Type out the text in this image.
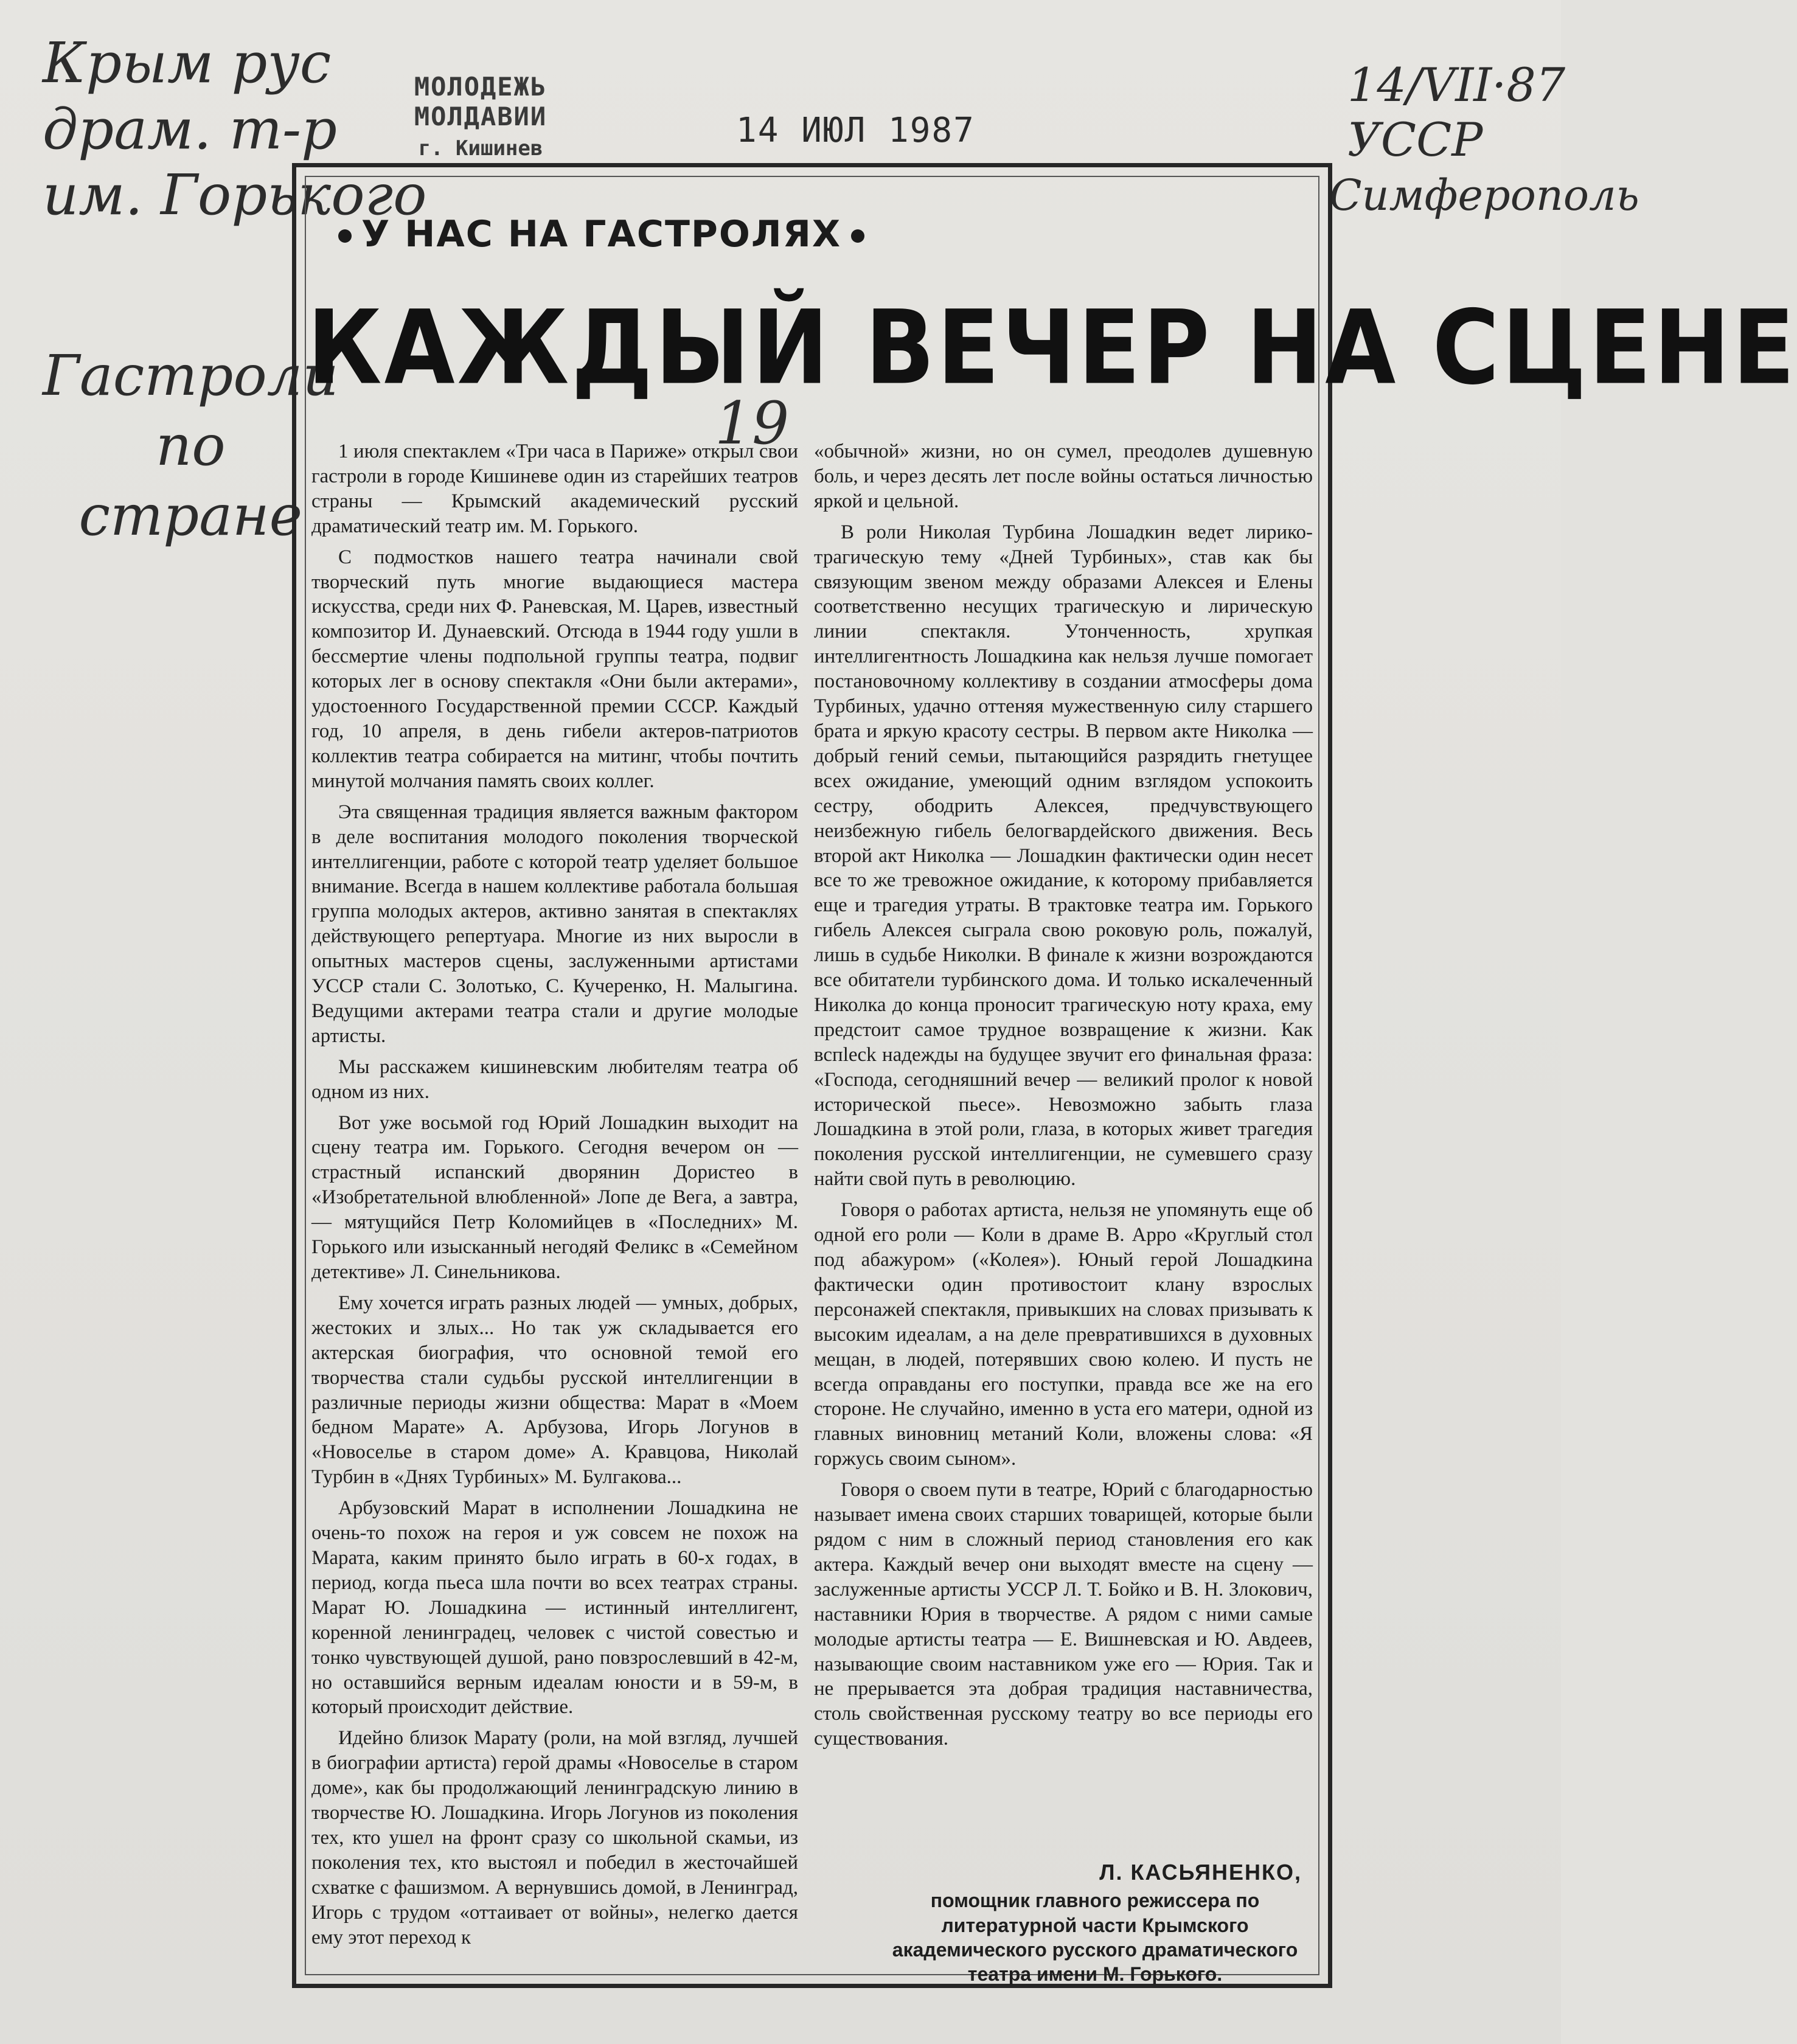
Крым рус
драм. т-р
им. Горького
Гастроли
по
стране
14/VII·87
УССР
Симферополь
19
МОЛОДЕЖЬ МОЛДАВИИ
г. Кишинев	14 ИЮЛ 1987
У НАС НА ГАСТРОЛЯХ
КАЖДЫЙ ВЕЧЕР НА СЦЕНЕ

1 июля спектаклем «Три часа в Париже» открыл свои гастроли в городе Кишиневе один из старейших театров страны — Крымский академический русский драматический театр им. М. Горького.

С подмостков нашего театра начинали свой творческий путь многие выдающиеся мастера искусства, среди них Ф. Раневская, М. Царев, известный композитор И. Дунаевский. Отсюда в 1944 году ушли в бессмертие члены подпольной группы театра, подвиг которых лег в основу спектакля «Они были актерами», удостоенного Государственной премии СССР. Каждый год, 10 апреля, в день гибели актеров-патриотов коллектив театра собирается на митинг, чтобы почтить минутой молчания память своих коллег.

Эта священная традиция является важным фактором в деле воспитания молодого поколения творческой интеллигенции, работе с которой театр уделяет большое внимание. Всегда в нашем коллективе работала большая группа молодых актеров, активно занятая в спектаклях действующего репертуара. Многие из них выросли в опытных мастеров сцены, заслуженными артистами УССР стали С. Золотько, С. Кучеренко, Н. Малыгина. Ведущими актерами театра стали и другие молодые артисты.

Мы расскажем кишиневским любителям театра об одном из них.

Вот уже восьмой год Юрий Лошадкин выходит на сцену театра им. Горького. Сегодня вечером он — страстный испанский дворянин Дористео в «Изобретательной влюбленной» Лопе де Вега, а завтра, — мятущийся Петр Коломийцев в «Последних» М. Горького или изысканный негодяй Феликс в «Семейном детективе» Л. Синельникова.

Ему хочется играть разных людей — умных, добрых, жестоких и злых... Но так уж складывается его актерская биография, что основной темой его творчества стали судьбы русской интеллигенции в различные периоды жизни общества: Марат в «Моем бедном Марате» А. Арбузова, Игорь Логунов в «Новоселье в старом доме» А. Кравцова, Николай Турбин в «Днях Турбиных» М. Булгакова...

Арбузовский Марат в исполнении Лошадкина не очень-то похож на героя и уж совсем не похож на Марата, каким принято было играть в 60-х годах, в период, когда пьеса шла почти во всех театрах страны. Марат Ю. Лошадкина — истинный интеллигент, коренной ленинградец, человек с чистой совестью и тонко чувствующей душой, рано повзрослевший в 42-м, но оставшийся верным идеалам юности и в 59-м, в который происходит действие.

Идейно близок Марату (роли, на мой взгляд, лучшей в биографии артиста) герой драмы «Новоселье в старом доме», как бы продолжающий ленинградскую линию в творчестве Ю. Лошадкина. Игорь Логунов из поколения тех, кто ушел на фронт сразу со школьной скамьи, из поколения тех, кто выстоял и победил в жесточайшей схватке с фашизмом. А вернувшись домой, в Ленинград, Игорь с трудом «оттаивает от войны», нелегко дается ему этот переход к

«обычной» жизни, но он сумел, преодолев душевную боль, и через десять лет после войны остаться личностью яркой и цельной.

В роли Николая Турбина Лошадкин ведет лирико-трагическую тему «Дней Турбиных», став как бы связующим звеном между образами Алексея и Елены соответственно несущих трагическую и лирическую линии спектакля. Утонченность, хрупкая интеллигентность Лошадкина как нельзя лучше помогает постановочному коллективу в создании атмосферы дома Турбиных, удачно оттеняя мужественную силу старшего брата и яркую красоту сестры. В первом акте Николка — добрый гений семьи, пытающийся разрядить гнетущее всех ожидание, умеющий одним взглядом успокоить сестру, ободрить Алексея, предчувствующего неизбежную гибель белогвардейского движения. Весь второй акт Николка — Лошадкин фактически один несет все то же тревожное ожидание, к которому прибавляется еще и трагедия утраты. В трактовке театра им. Горького гибель Алексея сыграла свою роковую роль, пожалуй, лишь в судьбе Николки. В финале к жизни возрождаются все обитатели турбинского дома. И только искалеченный Николка до конца проносит трагическую ноту краха, ему предстоит самое трудное возвращение к жизни. Как вспleck надежды на будущее звучит его финальная фраза: «Господа, сегодняшний вечер — великий пролог к новой исторической пьесе». Невозможно забыть глаза Лошадкина в этой роли, глаза, в которых живет трагедия поколения русской интеллигенции, не сумевшего сразу найти свой путь в революцию.

Говоря о работах артиста, нельзя не упомянуть еще об одной его роли — Коли в драме В. Арро «Круглый стол под абажуром» («Колея»). Юный герой Лошадкина фактически один противостоит клану взрослых персонажей спектакля, привыкших на словах призывать к высоким идеалам, а на деле превратившихся в духовных мещан, в людей, потерявших свою колею. И пусть не всегда оправданы его поступки, правда все же на его стороне. Не случайно, именно в уста его матери, одной из главных виновниц метаний Коли, вложены слова: «Я горжусь своим сыном».

Говоря о своем пути в театре, Юрий с благодарностью называет имена своих старших товарищей, которые были рядом с ним в сложный период становления его как актера. Каждый вечер они выходят вместе на сцену — заслуженные артисты УССР Л. Т. Бойко и В. Н. Злокович, наставники Юрия в творчестве. А рядом с ними самые молодые артисты театра — Е. Вишневская и Ю. Авдеев, называющие своим наставником уже его — Юрия. Так и не прерывается эта добрая традиция наставничества, столь свойственная русскому театру во все периоды его существования.

Л. КАСЬЯНЕНКО,
помощник главного режиссера по литературной части Крымского академического русского драматического театра имени М. Горького.
